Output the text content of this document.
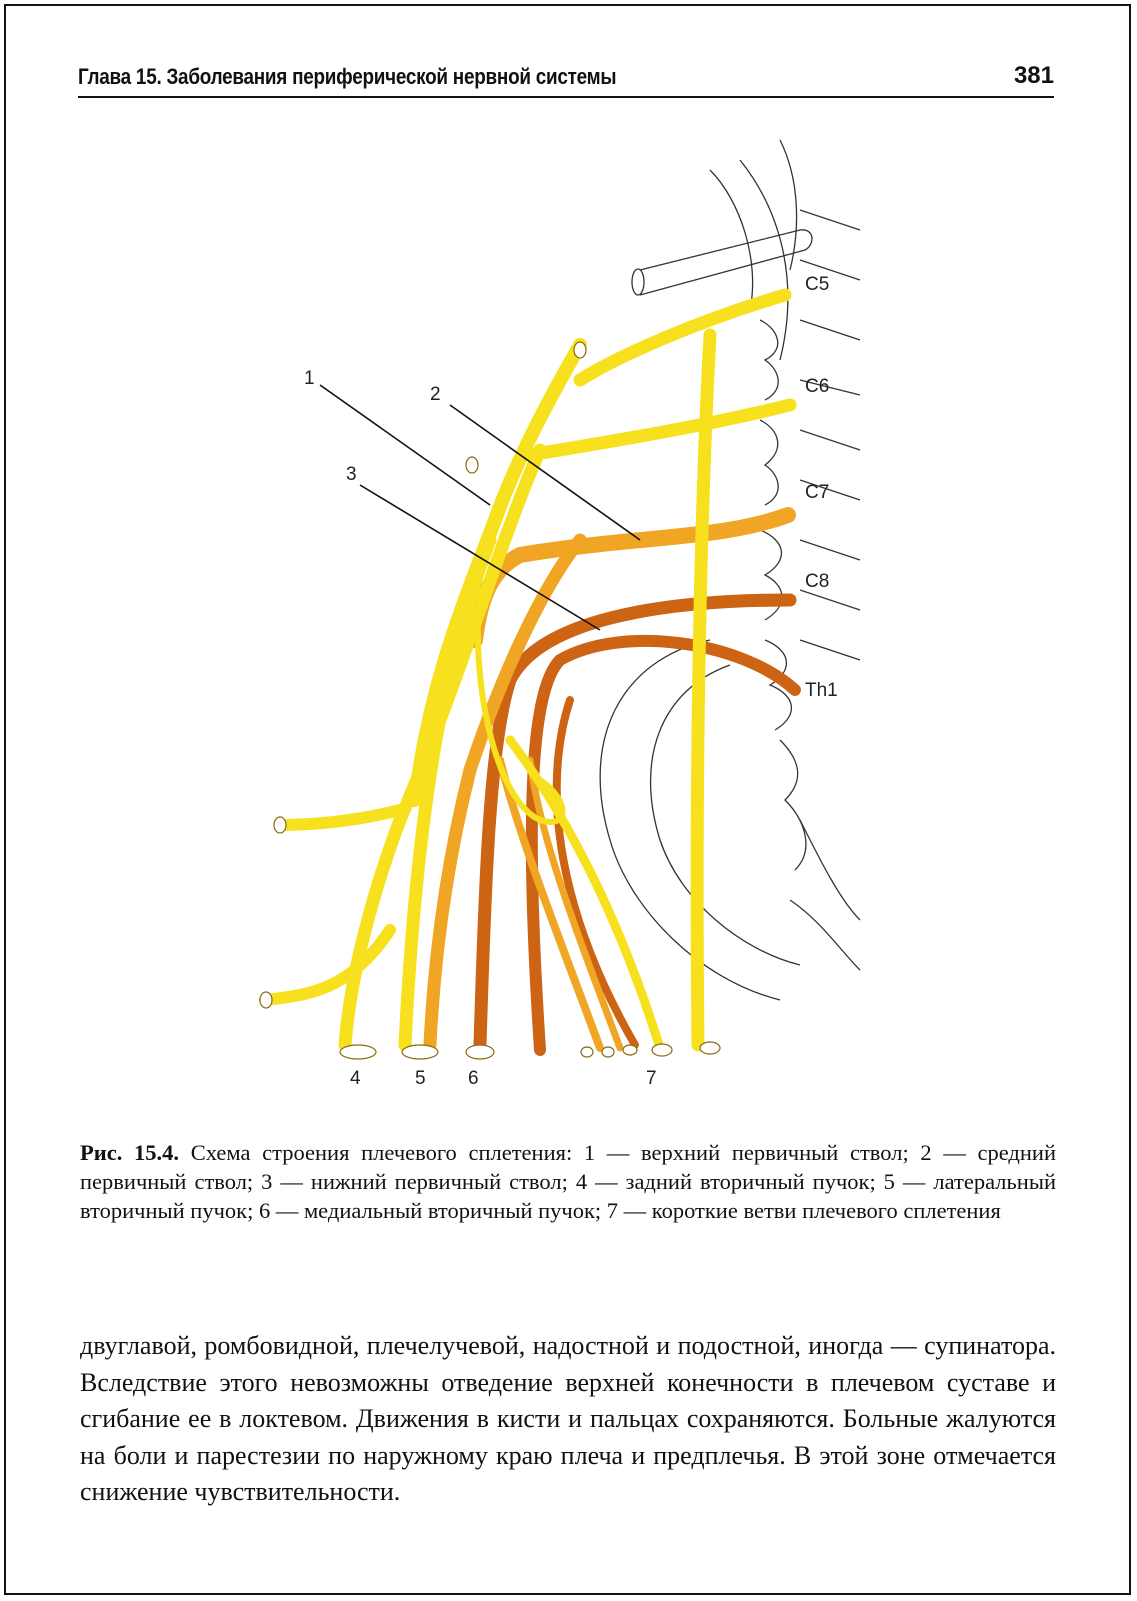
Глава 15. Заболевания периферической нервной системы	381
C5
C6
C7
C8
Th1
1
2
3
4	5 6	7
Рис. 15.4. Схема строения плечевого сплетения: 1 — верхний первичный ствол; 2 — средний первичный ствол; 3 — нижний первичный ствол; 4 — задний вторичный пучок; 5 — латеральный вторичный пучок; 6 — медиальный вторичный пучок; 7 — короткие ветви плечевого сплетения
двуглавой, ромбовидной, плечелучевой, надостной и подостной, иногда — супинатора. Вследствие этого невозможны отведение верхней конечности в плечевом суставе и сгибание ее в локтевом. Движения в кисти и пальцах сохраняются. Больные жалуются на боли и парестезии по наружному краю плеча и предплечья. В этой зоне отмечается снижение чувствительности.
